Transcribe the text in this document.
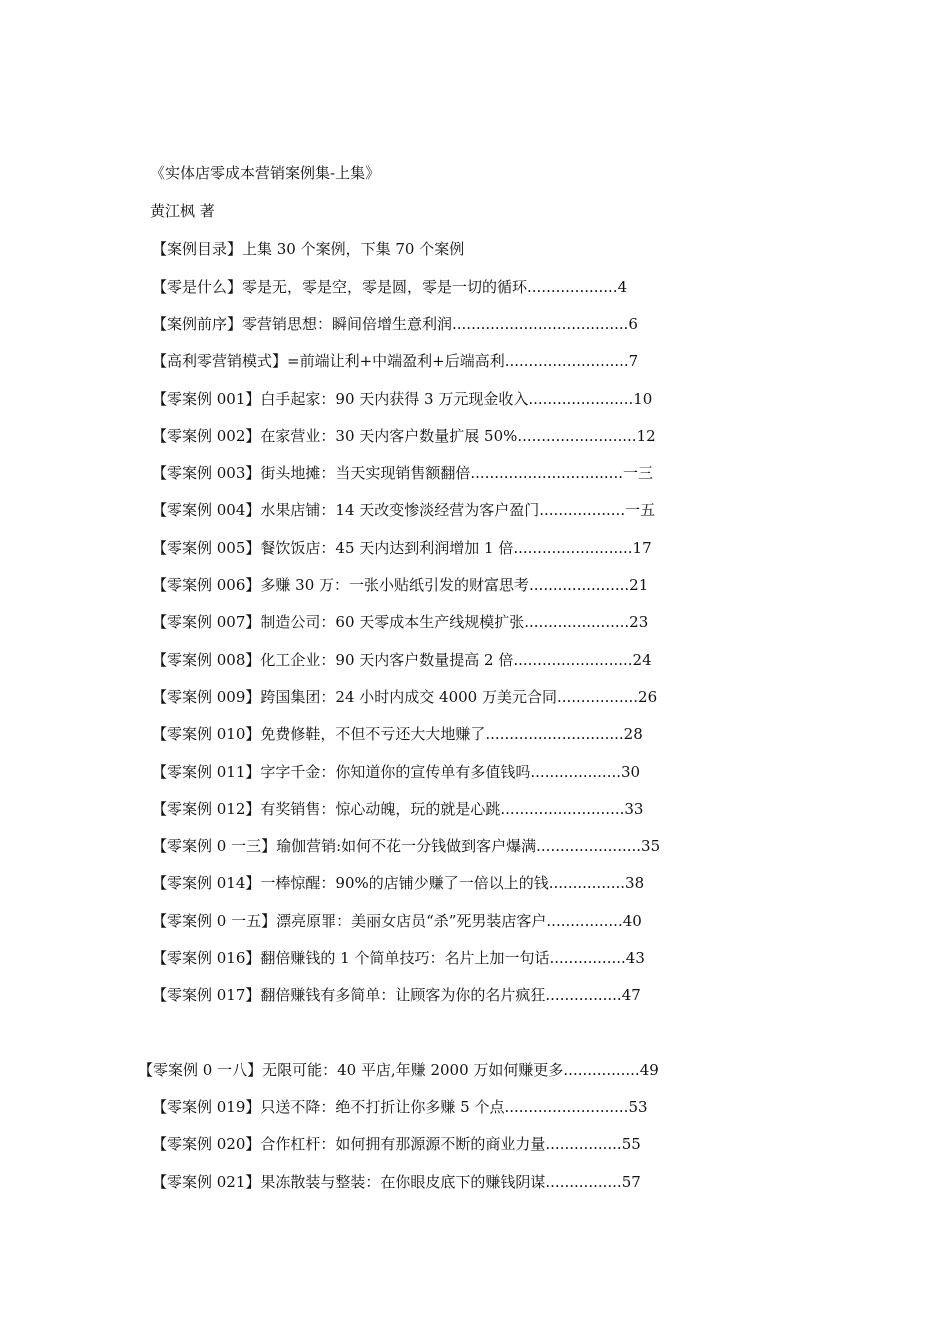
《实体店零成本营销案例集-上集》
黄江枫 著
【案例目录】上集 30 个案例，下集 70 个案例
【零是什么】零是无，零是空，零是圆，零是一切的循环...................4
【案例前序】零营销思想：瞬间倍增生意利润.....................................6
【高利零营销模式】=前端让利+中端盈利+后端高利..........................7
【零案例 001】白手起家：90 天内获得 3 万元现金收入......................10
【零案例 002】在家营业：30 天内客户数量扩展 50%.........................12
【零案例 003】街头地摊：当天实现销售额翻倍................................一三
【零案例 004】水果店铺：14 天改变惨淡经营为客户盈门..................一五
【零案例 005】餐饮饭店：45 天内达到利润增加 1 倍.........................17
【零案例 006】多赚 30 万：一张小贴纸引发的财富思考.....................21
【零案例 007】制造公司：60 天零成本生产线规模扩张......................23
【零案例 008】化工企业：90 天内客户数量提高 2 倍.........................24
【零案例 009】跨国集团：24 小时内成交 4000 万美元合同.................26
【零案例 010】免费修鞋，不但不亏还大大地赚了.............................28
【零案例 011】字字千金：你知道你的宣传单有多值钱吗...................30
【零案例 012】有奖销售：惊心动魄，玩的就是心跳..........................33
【零案例 0 一三】瑜伽营销:如何不花一分钱做到客户爆满......................35
【零案例 014】一棒惊醒：90%的店铺少赚了一倍以上的钱................38
【零案例 0 一五】漂亮原罪：美丽女店员“杀”死男装店客户................40
【零案例 016】翻倍赚钱的 1 个简单技巧：名片上加一句话................43
【零案例 017】翻倍赚钱有多简单：让顾客为你的名片疯狂................47
【零案例 0 一八】无限可能：40 平店,年赚 2000 万如何赚更多................49
【零案例 019】只送不降：绝不打折让你多赚 5 个点..........................53
【零案例 020】合作杠杆：如何拥有那源源不断的商业力量................55
【零案例 021】果冻散装与整装：在你眼皮底下的赚钱阴谋................57
